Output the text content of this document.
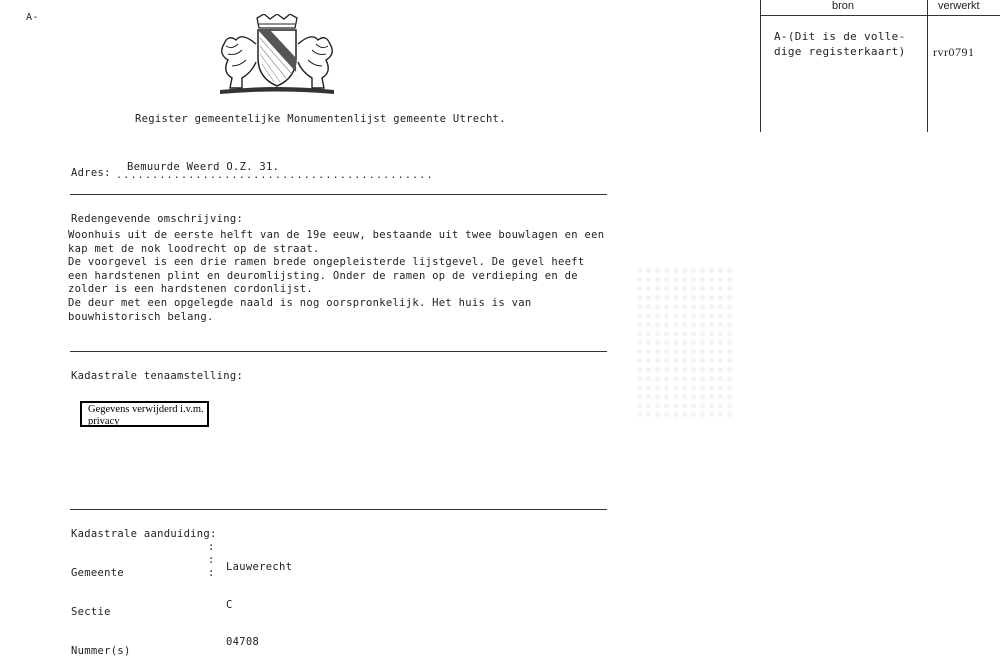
A-
Register gemeentelijke Monumentenlijst gemeente Utrecht.
Adres: Bemuurde Weerd O.Z. 31.
............................................
Redengevende omschrijving:
Woonhuis uit de eerste helft van de 19e eeuw, bestaande uit twee bouwlagen en een
kap met de nok loodrecht op de straat.
De voorgevel is een drie ramen brede ongepleisterde lijstgevel. De gevel heeft
een hardstenen plint en deuromlijsting. Onder de ramen op de verdieping en de
zolder is een hardstenen cordonlijst.
De deur met een opgelegde naald is nog oorspronkelijk. Het huis is van
bouwhistorisch belang.
Kadastrale tenaamstelling:
Gegevens verwijderd i.v.m. privacy
Kadastrale aanduiding:

Gemeente

Sectie

Nummer(s)

:
:
:

Lauwerecht

C

04708

bron	verwerkt
A-(Dit is de volle-
dige registerkaart) rvr0791
